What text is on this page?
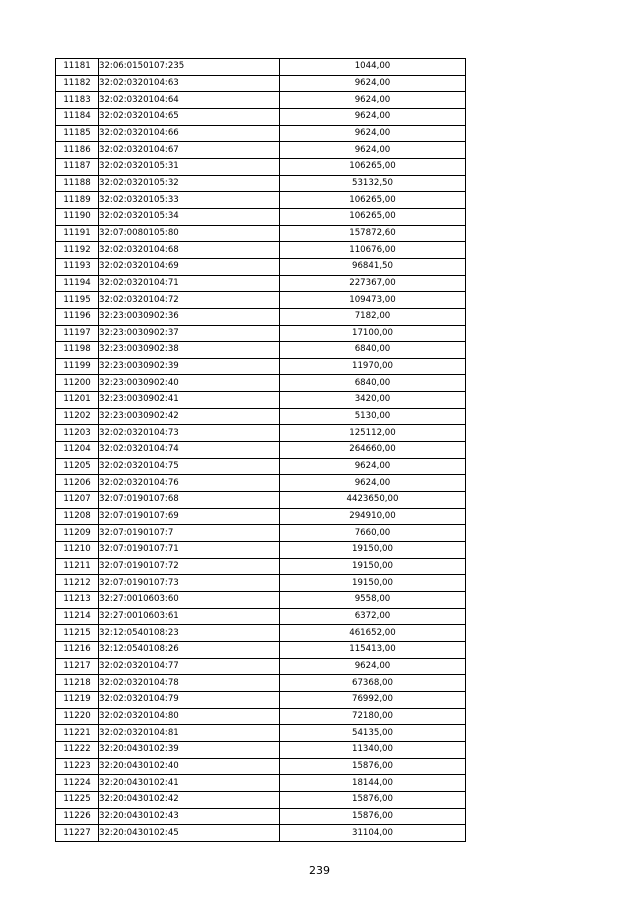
11181	32:06:0150107:235	1044,00
11182	32:02:0320104:63	9624,00
11183	32:02:0320104:64	9624,00
11184	32:02:0320104:65	9624,00
11185	32:02:0320104:66	9624,00
11186	32:02:0320104:67	9624,00
11187	32:02:0320105:31	106265,00
11188	32:02:0320105:32	53132,50
11189	32:02:0320105:33	106265,00
11190	32:02:0320105:34	106265,00
11191	32:07:0080105:80	157872,60
11192	32:02:0320104:68	110676,00
11193	32:02:0320104:69	96841,50
11194	32:02:0320104:71	227367,00
11195	32:02:0320104:72	109473,00
11196	32:23:0030902:36	7182,00
11197	32:23:0030902:37	17100,00
11198	32:23:0030902:38	6840,00
11199	32:23:0030902:39	11970,00
11200	32:23:0030902:40	6840,00
11201	32:23:0030902:41	3420,00
11202	32:23:0030902:42	5130,00
11203	32:02:0320104:73	125112,00
11204	32:02:0320104:74	264660,00
11205	32:02:0320104:75	9624,00
11206	32:02:0320104:76	9624,00
11207	32:07:0190107:68	4423650,00
11208	32:07:0190107:69	294910,00
11209	32:07:0190107:7	7660,00
11210	32:07:0190107:71	19150,00
11211	32:07:0190107:72	19150,00
11212	32:07:0190107:73	19150,00
11213	32:27:0010603:60	9558,00
11214	32:27:0010603:61	6372,00
11215	32:12:0540108:23	461652,00
11216	32:12:0540108:26	115413,00
11217	32:02:0320104:77	9624,00
11218	32:02:0320104:78	67368,00
11219	32:02:0320104:79	76992,00
11220	32:02:0320104:80	72180,00
11221	32:02:0320104:81	54135,00
11222	32:20:0430102:39	11340,00
11223	32:20:0430102:40	15876,00
11224	32:20:0430102:41	18144,00
11225	32:20:0430102:42	15876,00
11226	32:20:0430102:43	15876,00
11227	32:20:0430102:45	31104,00
239
